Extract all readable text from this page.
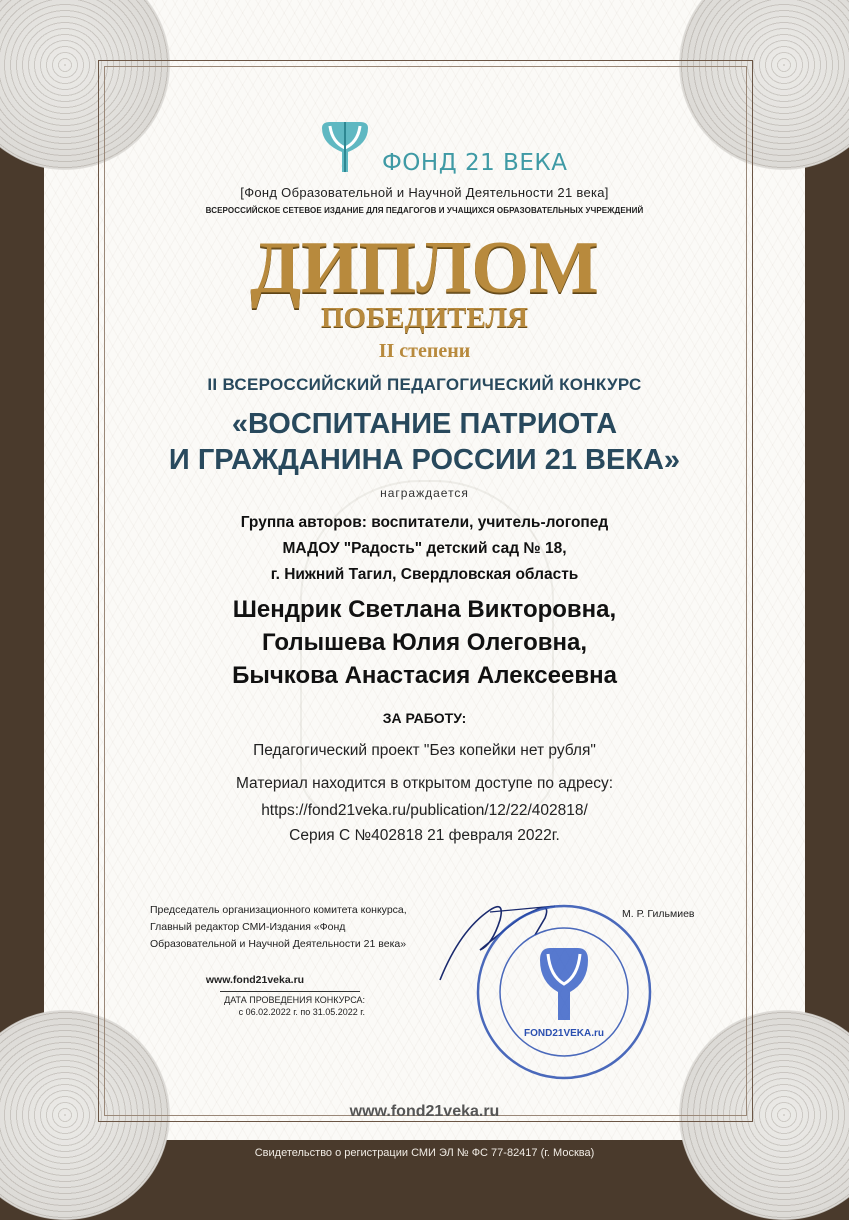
ФОНД 21 ВЕКА
[Фонд Образовательной и Научной Деятельности 21 века]
ВСЕРОССИЙСКОЕ СЕТЕВОЕ ИЗДАНИЕ ДЛЯ ПЕДАГОГОВ И УЧАЩИХСЯ ОБРАЗОВАТЕЛЬНЫХ УЧРЕЖДЕНИЙ
ДИПЛОМ
ПОБЕДИТЕЛЯ
II степени
II ВСЕРОССИЙСКИЙ ПЕДАГОГИЧЕСКИЙ КОНКУРС
«ВОСПИТАНИЕ ПАТРИОТА
И ГРАЖДАНИНА РОССИИ 21 ВЕКА»
награждается
Группа авторов: воспитатели, учитель-логопед
МАДОУ "Радость" детский сад № 18,
г. Нижний Тагил, Свердловская область
Шендрик Светлана Викторовна,
Голышева Юлия Олеговна,
Бычкова Анастасия Алексеевна
ЗА РАБОТУ:
Педагогический проект "Без копейки нет рубля"
Материал находится в открытом доступе по адресу:
https://fond21veka.ru/publication/12/22/402818/
Серия С №402818 21 февраля 2022г.
Председатель организационного комитета конкурса,
Главный редактор СМИ-Издания «Фонд
Образовательной и Научной Деятельности 21 века»
www.fond21veka.ru
ДАТА ПРОВЕДЕНИЯ КОНКУРСА:
с 06.02.2022 г. по 31.05.2022 г.
М. Р. Гильмиев
FOND21VEKA.ru
www.fond21veka.ru
Свидетельство о регистрации СМИ ЭЛ № ФС 77-82417 (г. Москва)
